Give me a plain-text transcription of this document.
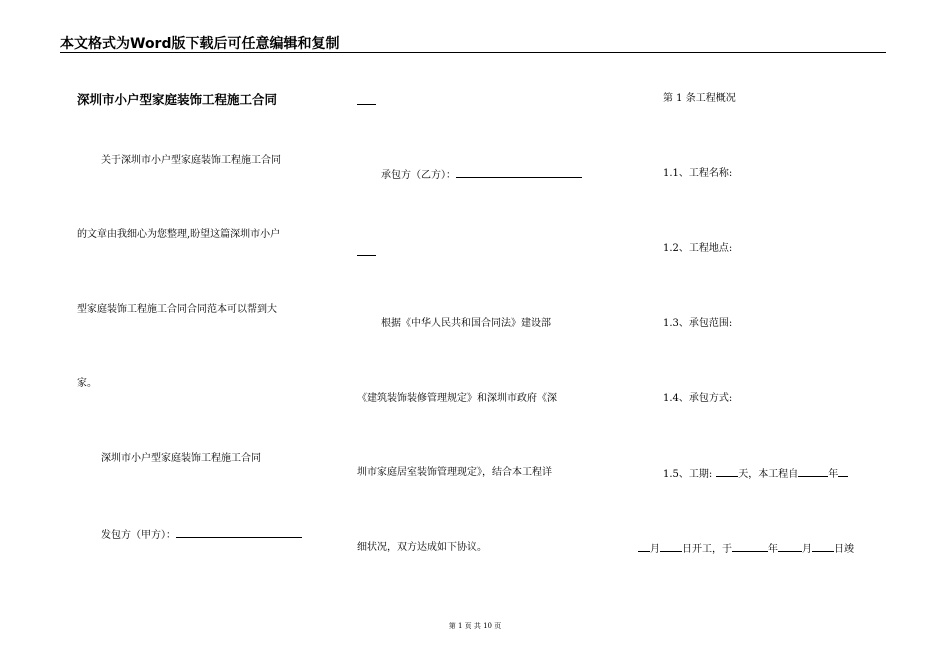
本文格式为Word版下载后可任意编辑和复制
深圳市小户型家庭装饰工程施工合同
关于深圳市小户型家庭装饰工程施工合同
的文章由我细心为您整理,盼望这篇深圳市小户
型家庭装饰工程施工合同合同范本可以帮到大
家。
深圳市小户型家庭装饰工程施工合同
发包方（甲方）：
承包方（乙方）：
根据《中华人民共和国合同法》建设部
《建筑装饰装修管理规定》和深圳市政府《深
圳市家庭居室装饰管理现定》，结合本工程详
细状况，双方达成如下协议。
第 1 条工程概况
1.1、工程名称:
1.2、工程地点:
1.3、承包范围:
1.4、承包方式:
1.5、工期:	天，本工程自	年
月 日开工，于	年 月 日竣
第 1 页 共 10 页
